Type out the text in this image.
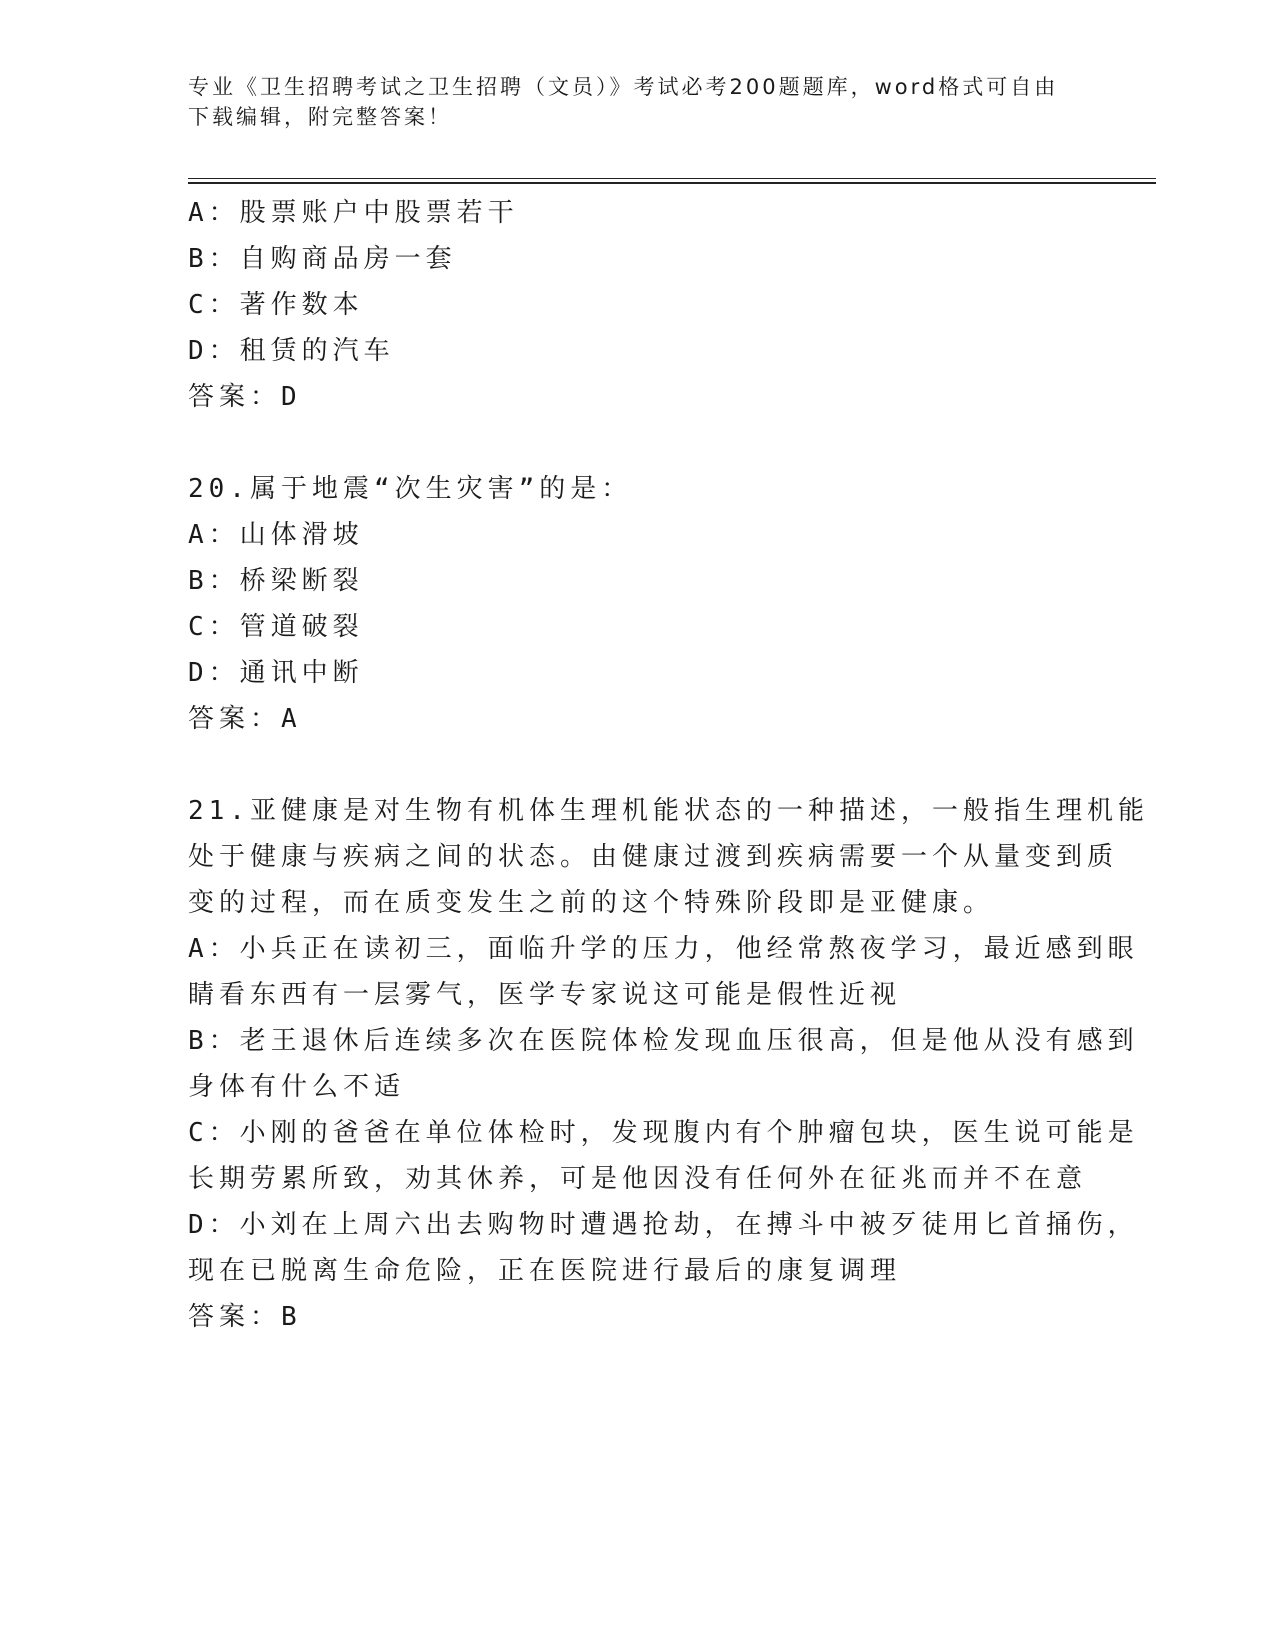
专业《卫生招聘考试之卫生招聘（文员）》考试必考200题题库，word格式可自由下载编辑，附完整答案！
A：股票账户中股票若干
B：自购商品房一套
C：著作数本
D：租赁的汽车
答案：D
20.属于地震“次生灾害”的是：
A：山体滑坡
B：桥梁断裂
C：管道破裂
D：通讯中断
答案：A
21.亚健康是对生物有机体生理机能状态的一种描述，一般指生理机能
处于健康与疾病之间的状态。由健康过渡到疾病需要一个从量变到质
变的过程，而在质变发生之前的这个特殊阶段即是亚健康。
A：小兵正在读初三，面临升学的压力，他经常熬夜学习，最近感到眼
睛看东西有一层雾气，医学专家说这可能是假性近视
B：老王退休后连续多次在医院体检发现血压很高，但是他从没有感到
身体有什么不适
C：小刚的爸爸在单位体检时，发现腹内有个肿瘤包块，医生说可能是
长期劳累所致，劝其休养，可是他因没有任何外在征兆而并不在意
D：小刘在上周六出去购物时遭遇抢劫，在搏斗中被歹徒用匕首捅伤，
现在已脱离生命危险，正在医院进行最后的康复调理
答案：B
